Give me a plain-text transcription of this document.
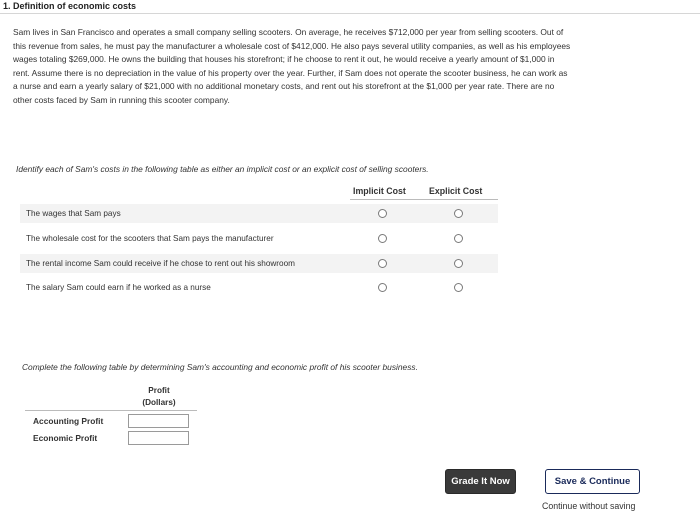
1. Definition of economic costs
Sam lives in San Francisco and operates a small company selling scooters. On average, he receives $712,000 per year from selling scooters. Out of
this revenue from sales, he must pay the manufacturer a wholesale cost of $412,000. He also pays several utility companies, as well as his employees
wages totaling $269,000. He owns the building that houses his storefront; if he choose to rent it out, he would receive a yearly amount of $1,000 in
rent. Assume there is no depreciation in the value of his property over the year. Further, if Sam does not operate the scooter business, he can work as
a nurse and earn a yearly salary of $21,000 with no additional monetary costs, and rent out his storefront at the $1,000 per year rate. There are no
other costs faced by Sam in running this scooter company.
Identify each of Sam's costs in the following table as either an implicit cost or an explicit cost of selling scooters.
Implicit Cost	Explicit Cost
The wages that Sam pays
The wholesale cost for the scooters that Sam pays the manufacturer
The rental income Sam could receive if he chose to rent out his showroom
The salary Sam could earn if he worked as a nurse
Complete the following table by determining Sam's accounting and economic profit of his scooter business.
Profit
(Dollars)
Accounting Profit
Economic Profit
Grade It Now	Save & Continue
Continue without saving
